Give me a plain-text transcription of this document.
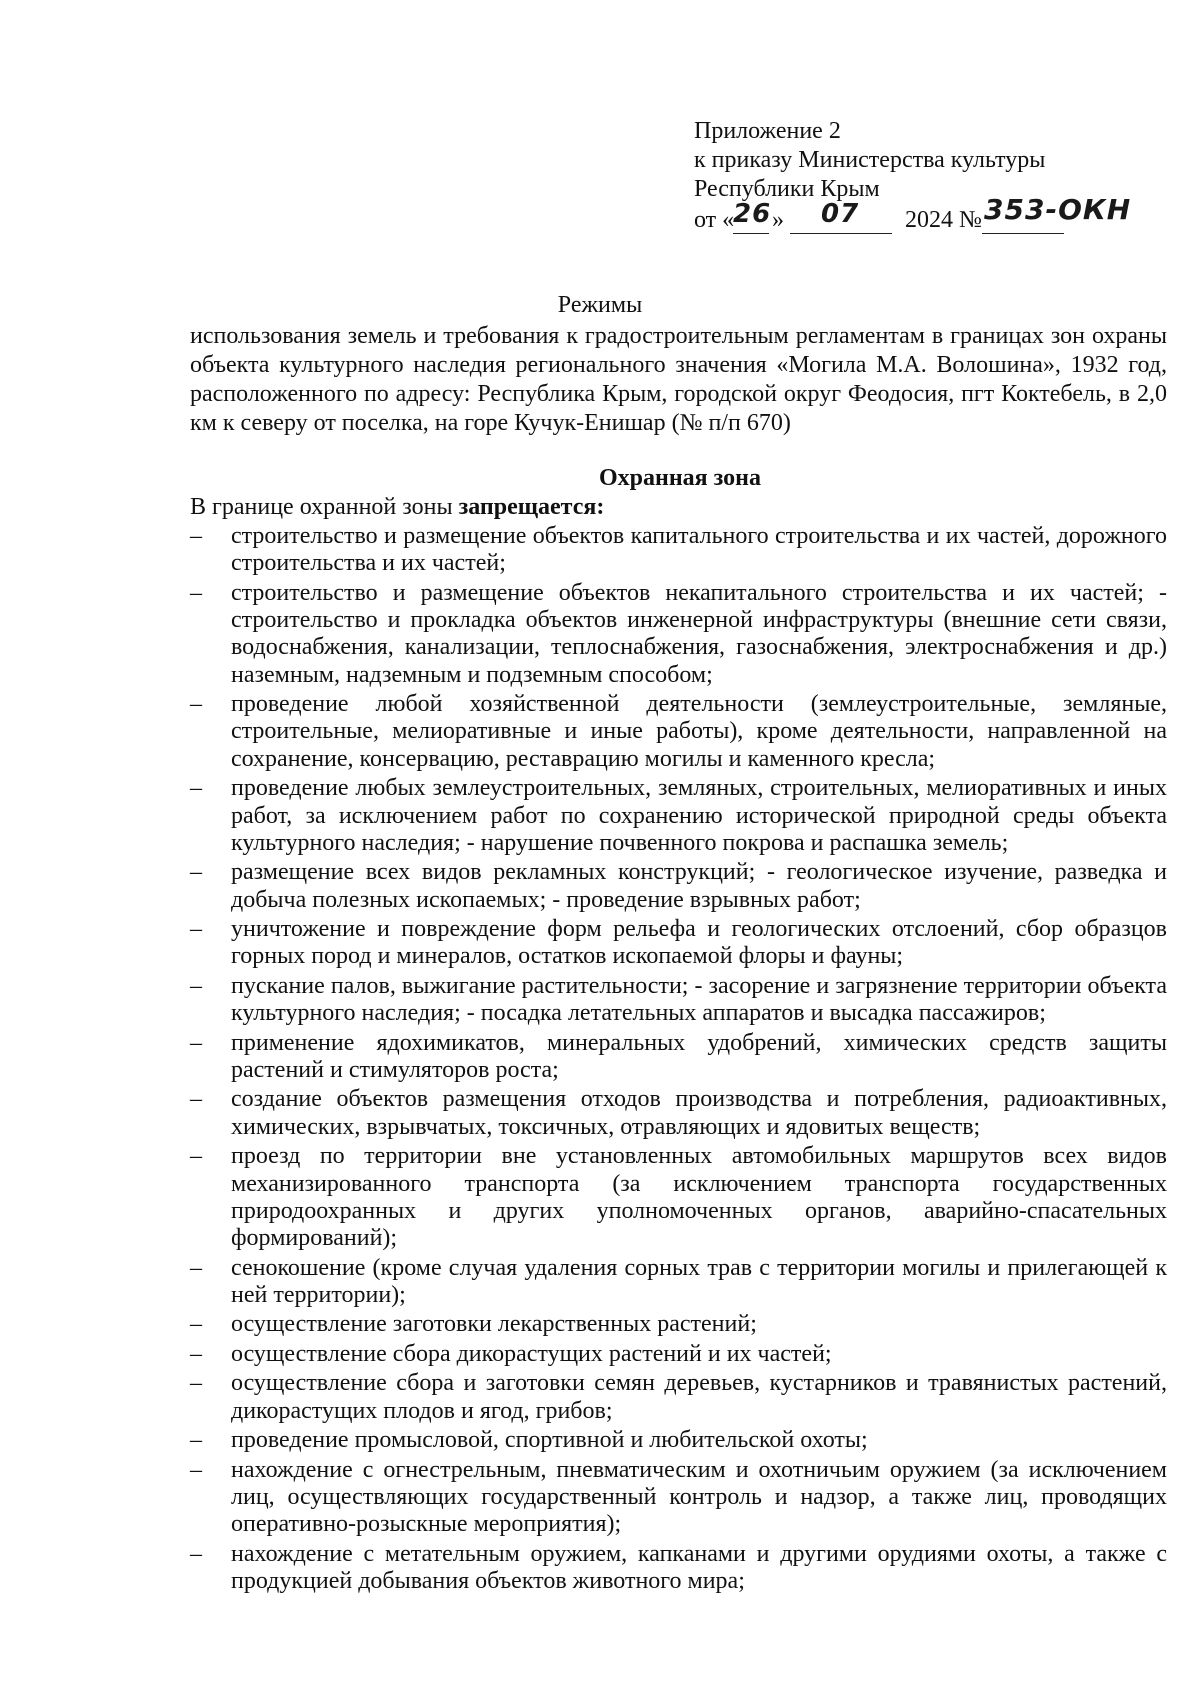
Приложение 2
к приказу Министерства культуры
Республики Крым
от «
26 » 07 2024 № 353-ОКН
Режимы
использования земель и требования к градостроительным регламентам в границах зон охраны объекта культурного наследия регионального значения «Могила М.А. Волошина», 1932 год, расположенного по адресу: Республика Крым, городской округ Феодосия, пгт Коктебель, в 2,0 км к северу от поселка, на горе Кучук-Енишар (№ п/п 670)
Охранная зона
В границе охранной зоны запрещается:
–	строительство и размещение объектов капитального строительства и их частей, дорожного строительства и их частей;
–	строительство и размещение объектов некапитального строительства и их частей; - строительство и прокладка объектов инженерной инфраструктуры (внешние сети связи, водоснабжения, канализации, теплоснабжения, газоснабжения, электроснабжения и др.) наземным, надземным и подземным способом;
–	проведение любой хозяйственной деятельности (землеустроительные, земляные, строительные, мелиоративные и иные работы), кроме деятельности, направленной на сохранение, консервацию, реставрацию могилы и каменного кресла;
–	проведение любых землеустроительных, земляных, строительных, мелиоративных и иных работ, за исключением работ по сохранению исторической природной среды объекта культурного наследия; - нарушение почвенного покрова и распашка земель;
–	размещение всех видов рекламных конструкций; - геологическое изучение, разведка и добыча полезных ископаемых; - проведение взрывных работ;
–	уничтожение и повреждение форм рельефа и геологических отслоений, сбор образцов горных пород и минералов, остатков ископаемой флоры и фауны;
–	пускание палов, выжигание растительности; - засорение и загрязнение территории объекта культурного наследия; - посадка летательных аппаратов и высадка пассажиров;
–	применение ядохимикатов, минеральных удобрений, химических средств защиты растений и стимуляторов роста;
–	создание объектов размещения отходов производства и потребления, радиоактивных, химических, взрывчатых, токсичных, отравляющих и ядовитых веществ;
–	проезд по территории вне установленных автомобильных маршрутов всех видов механизированного транспорта (за исключением транспорта государственных природоохранных и других уполномоченных органов, аварийно-спасательных формирований);
–	сенокошение (кроме случая удаления сорных трав с территории могилы и прилегающей к ней территории);
–	осуществление заготовки лекарственных растений;
–	осуществление сбора дикорастущих растений и их частей;
–	осуществление сбора и заготовки семян деревьев, кустарников и травянистых растений, дикорастущих плодов и ягод, грибов;
–	проведение промысловой, спортивной и любительской охоты;
–	нахождение с огнестрельным, пневматическим и охотничьим оружием (за исключением лиц, осуществляющих государственный контроль и надзор, а также лиц, проводящих оперативно-розыскные мероприятия);
–	нахождение с метательным оружием, капканами и другими орудиями охоты, а также с продукцией добывания объектов животного мира;
